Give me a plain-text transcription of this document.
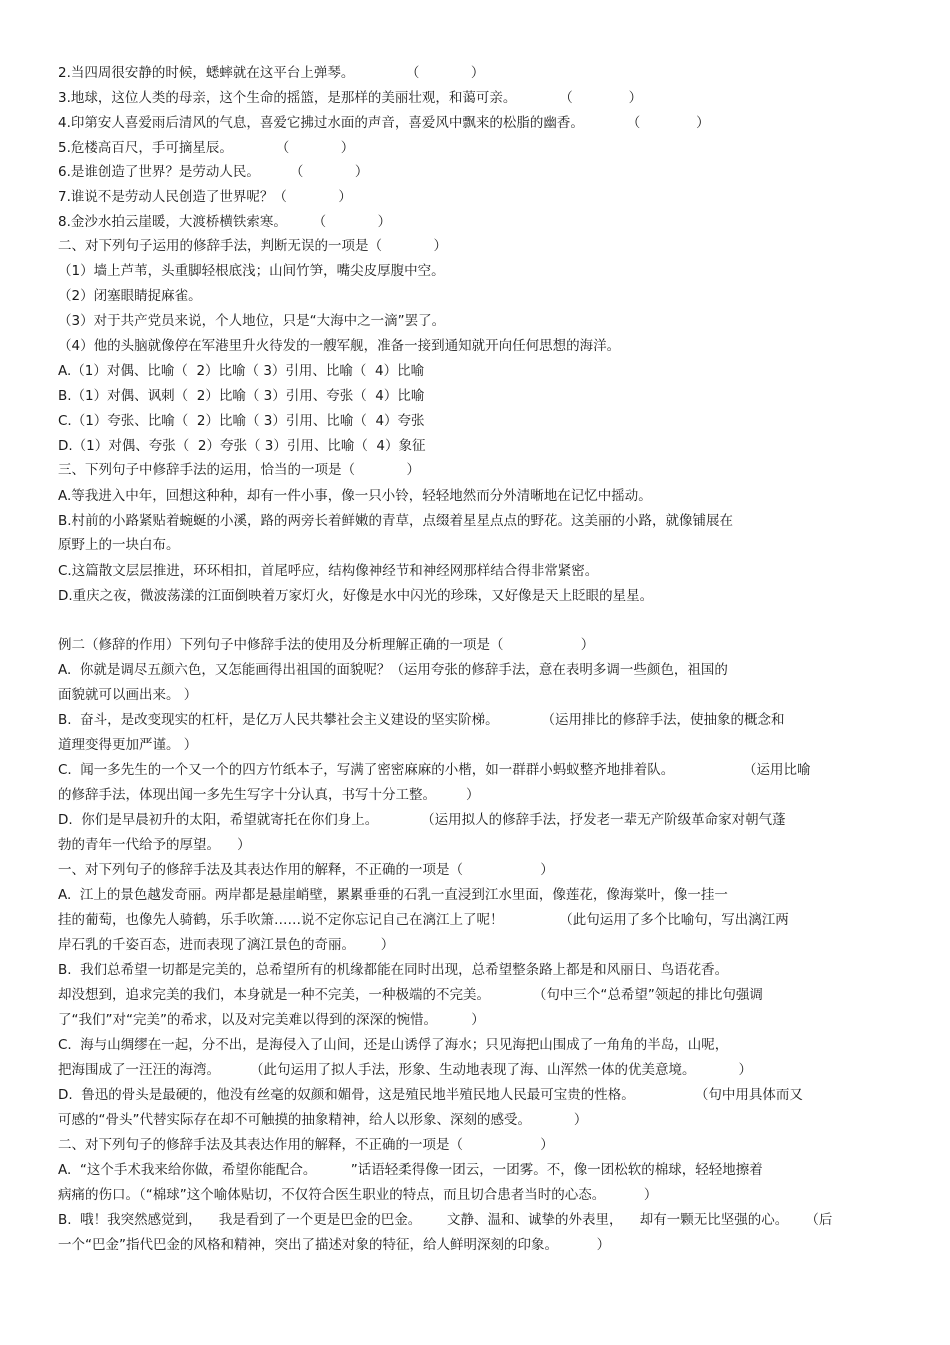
2.当四周很安静的时候，蟋蟀就在这平台上弹琴。            （            ）
3.地球，这位人类的母亲，这个生命的摇篮，是那样的美丽壮观，和蔼可亲。          （             ）
4.印第安人喜爱雨后清风的气息，喜爱它拂过水面的声音，喜爱风中飘来的松脂的幽香。          （             ）
5.危楼高百尺，手可摘星辰。          （            ）
6.是谁创造了世界？是劳动人民。       （            ）
7.谁说不是劳动人民创造了世界呢？（            ）
8.金沙水拍云崖暖，大渡桥横铁索寒。      （            ）
二、对下列句子运用的修辞手法，判断无误的一项是（            ）
（1）墙上芦苇，头重脚轻根底浅；山间竹笋，嘴尖皮厚腹中空。
（2）闭塞眼睛捉麻雀。
（3）对于共产党员来说，个人地位，只是“大海中之一滴”罢了。
（4）他的头脑就像停在军港里升火待发的一艘军舰，准备一接到通知就开向任何思想的海洋。
A.（1）对偶、比喻（  2）比喻（ 3）引用、比喻（  4）比喻
B.（1）对偶、讽刺（  2）比喻（ 3）引用、夸张（  4）比喻
C.（1）夸张、比喻（  2）比喻（ 3）引用、比喻（  4）夸张
D.（1）对偶、夸张（  2）夸张（ 3）引用、比喻（  4）象征
三、下列句子中修辞手法的运用，恰当的一项是（            ）
A.等我进入中年，回想这种种，却有一件小事，像一只小铃，轻轻地然而分外清晰地在记忆中摇动。
B.村前的小路紧贴着蜿蜒的小溪，路的两旁长着鲜嫩的青草，点缀着星星点点的野花。这美丽的小路，就像铺展在
原野上的一块白布。
C.这篇散文层层推进，环环相扣，首尾呼应，结构像神经节和神经网那样结合得非常紧密。
D.重庆之夜，微波荡漾的江面倒映着万家灯火，好像是水中闪光的珍珠，又好像是天上眨眼的星星。
例二（修辞的作用）下列句子中修辞手法的使用及分析理解正确的一项是（                  ）
A.  你就是调尽五颜六色，又怎能画得出祖国的面貌呢？（运用夸张的修辞手法，意在表明多调一些颜色，祖国的
面貌就可以画出来。 ）
B.  奋斗，是改变现实的杠杆，是亿万人民共攀社会主义建设的坚实阶梯。          （运用排比的修辞手法，使抽象的概念和
道理变得更加严谨。 ）
C.  闻一多先生的一个又一个的四方竹纸本子，写满了密密麻麻的小楷，如一群群小蚂蚁整齐地排着队。                （运用比喻
的修辞手法，体现出闻一多先生写字十分认真，书写十分工整。       ）
D.  你们是早晨初升的太阳，希望就寄托在你们身上。          （运用拟人的修辞手法，抒发老一辈无产阶级革命家对朝气蓬
勃的青年一代给予的厚望。    ）
一、对下列句子的修辞手法及其表达作用的解释，不正确的一项是（                  ）
A.  江上的景色越发奇丽。两岸都是悬崖峭壁，累累垂垂的石乳一直浸到江水里面，像莲花，像海棠叶，像一挂一
挂的葡萄，也像先人骑鹤，乐手吹箫……说不定你忘记自己在漓江上了呢！             （此句运用了多个比喻句，写出漓江两
岸石乳的千姿百态，进而表现了漓江景色的奇丽。      ）
B.  我们总希望一切都是完美的，总希望所有的机缘都能在同时出现，总希望整条路上都是和风丽日、鸟语花香。
却没想到，追求完美的我们，本身就是一种不完美，一种极端的不完美。          （句中三个“总希望”领起的排比句强调
了“我们”对“完美”的希求，以及对完美难以得到的深深的惋惜。        ）
C.  海与山绸缪在一起，分不出，是海侵入了山间，还是山诱俘了海水；只见海把山围成了一角角的半岛，山呢，
把海围成了一汪汪的海湾。       （此句运用了拟人手法，形象、生动地表现了海、山浑然一体的优美意境。          ）
D.  鲁迅的骨头是最硬的，他没有丝毫的奴颜和媚骨，这是殖民地半殖民地人民最可宝贵的性格。              （句中用具体而又
可感的“骨头”代替实际存在却不可触摸的抽象精神，给人以形象、深刻的感受。          ）
二、对下列句子的修辞手法及其表达作用的解释，不正确的一项是（                  ）
A.  “这个手术我来给你做，希望你能配合。        ”话语轻柔得像一团云，一团雾。不，像一团松软的棉球，轻轻地擦着
病痛的伤口。（“棉球”这个喻体贴切，不仅符合医生职业的特点，而且切合患者当时的心态。         ）
B.  哦！我突然感觉到，    我是看到了一个更是巴金的巴金。      文静、温和、诚挚的外表里，    却有一颗无比坚强的心。    （后
一个“巴金”指代巴金的风格和精神，突出了描述对象的特征，给人鲜明深刻的印象。         ）
